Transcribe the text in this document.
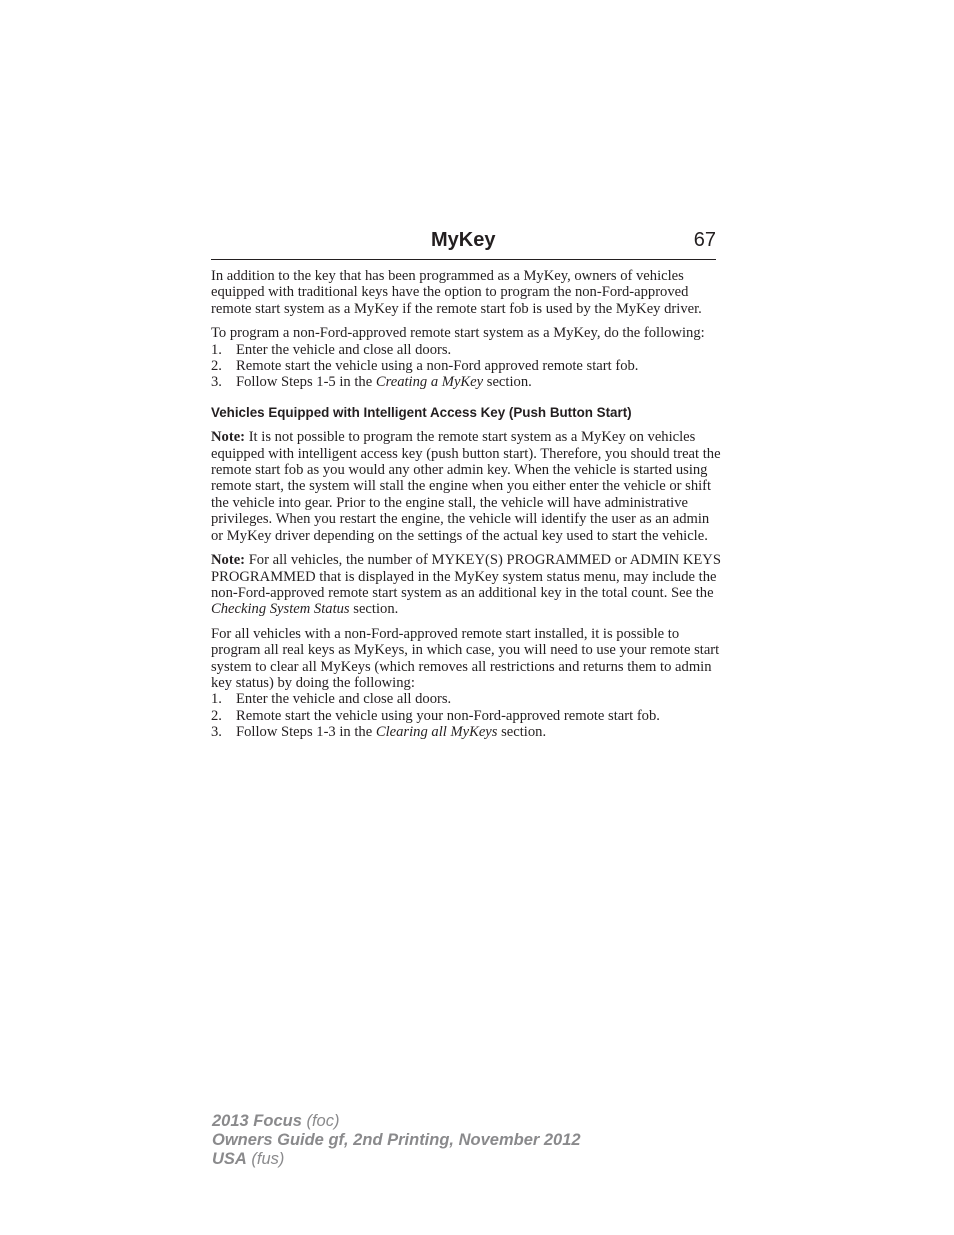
MyKey	67

In addition to the key that has been programmed as a MyKey, owners of vehicles equipped with traditional keys have the option to program the non-Ford-approved remote start system as a MyKey if the remote start fob is used by the MyKey driver.

To program a non-Ford-approved remote start system as a MyKey, do the following:

1. Enter the vehicle and close all doors.
2. Remote start the vehicle using a non-Ford approved remote start fob.
3. Follow Steps 1-5 in the Creating a MyKey section.
Vehicles Equipped with Intelligent Access Key (Push Button Start)

Note: It is not possible to program the remote start system as a MyKey on vehicles equipped with intelligent access key (push button start). Therefore, you should treat the remote start fob as you would any other admin key. When the vehicle is started using remote start, the system will stall the engine when you either enter the vehicle or shift the vehicle into gear. Prior to the engine stall, the vehicle will have administrative privileges. When you restart the engine, the vehicle will identify the user as an admin or MyKey driver depending on the settings of the actual key used to start the vehicle.

Note: For all vehicles, the number of MYKEY(S) PROGRAMMED or ADMIN KEYS PROGRAMMED that is displayed in the MyKey system status menu, may include the non-Ford-approved remote start system as an additional key in the total count. See the Checking System Status section.

For all vehicles with a non-Ford-approved remote start installed, it is possible to program all real keys as MyKeys, in which case, you will need to use your remote start system to clear all MyKeys (which removes all restrictions and returns them to admin key status) by doing the following:

1. Enter the vehicle and close all doors.
2. Remote start the vehicle using your non-Ford-approved remote start fob.
3. Follow Steps 1-3 in the Clearing all MyKeys section.
2013 Focus (foc)
Owners Guide gf, 2nd Printing, November 2012
USA (fus)
